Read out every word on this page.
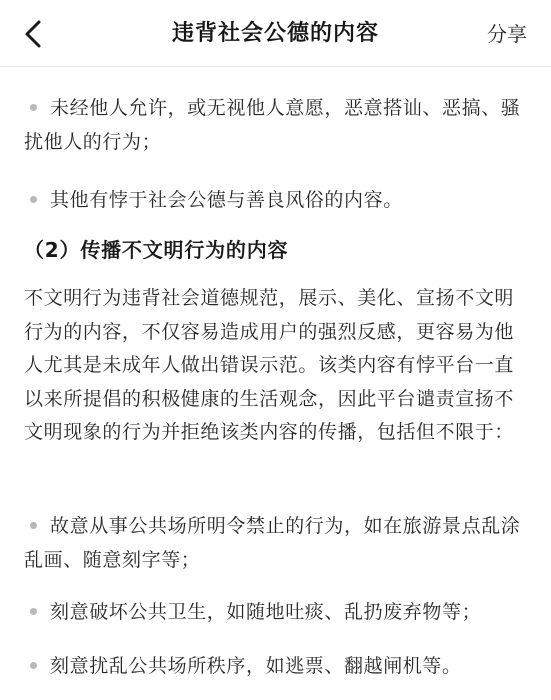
未经他人允许，或无视他人意愿，恶意搭讪、恶搞、骚扰他人的行为；
其他有悖于社会公德与善良风俗的内容。
（2）传播不文明行为的内容
不文明行为违背社会道德规范，展示、美化、宣扬不文明行为的内容，不仅容易造成用户的强烈反感，更容易为他人尤其是未成年人做出错误示范。该类内容有悖平台一直以来所提倡的积极健康的生活观念，因此平台谴责宣扬不文明现象的行为并拒绝该类内容的传播，包括但不限于：
故意从事公共场所明令禁止的行为，如在旅游景点乱涂乱画、随意刻字等；
刻意破坏公共卫生，如随地吐痰、乱扔废弃物等；
刻意扰乱公共场所秩序，如逃票、翻越闸机等。
违背社会公德的内容	分享
